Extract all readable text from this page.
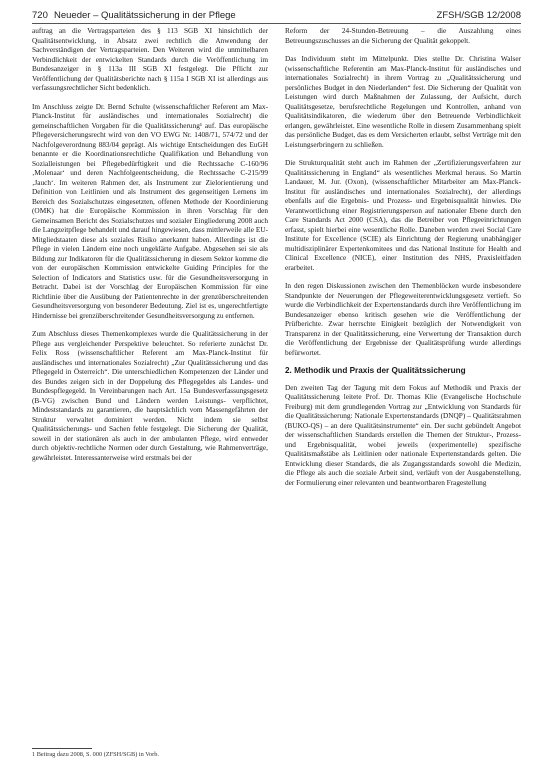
720 Neueder – Qualitätssicherung in der Pflege	ZFSH/SGB 12/2008

auftrag an die Vertragsparteien des § 113 SGB XI hinsichtlich der Qualitätsentwicklung, in Absatz zwei rechtlich die Anwendung der Sachverständigen der Vertragsparteien. Den Weiteren wird die unmittelbaren Verbindlichkeit der entwickelten Standards durch die Veröffentlichung im Bundesanzeiger in § 113a III SGB XI festgelegt. Die Pflicht zur Veröffentlichung der Qualitätsberichte nach § 115a I SGB XI ist allerdings aus verfassungsrechtlicher Sicht bedenklich.

Im Anschluss zeigte Dr. Bernd Schulte (wissenschaftlicher Referent am Max-Planck-Institut für ausländisches und internationales Sozialrecht) die gemeinschaftlichen Vorgaben für die Qualitätssicherung¹ auf. Das europäische Pflegeversicherungsrecht wird von den VO EWG Nr. 1408/71, 574/72 und der Nachfolgeverordnung 883/04 geprägt. Als wichtige Entscheidungen des EuGH benannte er die Koordinationsrechtliche Qualifikation und Behandlung von Sozialleistungen bei Pflegebedürftigkeit und die Rechtssache C-160/96 ‚Molenaar‘ und deren Nachfolgeentscheidung, die Rechtssache C-215/99 ‚Jauch‘. Im weiteren Rahmen der, als Instrument zur Zielorientierung und Definition von Leitlinien und als Instrument des gegenseitigen Lernens im Bereich des Sozialschutzes eingesetzten, offenen Methode der Koordinierung (OMK) hat die Europäische Kommission in ihren Vorschlag für den Gemeinsamen Bericht des Sozialschutzes und sozialer Eingliederung 2008 auch die Langzeitpflege behandelt und darauf hingewiesen, dass mittlerweile alle EU-Mitgliedstaaten diese als soziales Risiko anerkannt haben. Allerdings ist die Pflege in vielen Ländern eine noch ungeklärte Aufgabe. Abgesehen sei sie als Bildung zur Indikatoren für die Qualitätssicherung in diesem Sektor komme die von der europäischen Kommission entwickelte Guiding Principles for the Selection of Indicators and Statistics usw. für die Gesundheitsversorgung in Betracht. Dabei ist der Vorschlag der Europäischen Kommission für eine Richtlinie über die Ausübung der Patientenrechte in der grenzüberschreitenden Gesundheitsversorgung von besonderer Bedeutung. Ziel ist es, ungerechtfertigte Hindernisse bei grenzüberschreitender Gesundheitsversorgung zu entfernen.

Zum Abschluss dieses Themenkomplexes wurde die Qualitätssicherung in der Pflege aus vergleichender Perspektive beleuchtet. So referierte zunächst Dr. Felix Ross (wissenschaftlicher Referent am Max-Planck-Institut für ausländisches und internationales Sozialrecht) „Zur Qualitätssicherung und das Pflegegeld in Österreich“. Die unterschiedlichen Kompetenzen der Länder und des Bundes zeigen sich in der Doppelung des Pflegegeldes als Landes- und Bundespflegegeld. In Vereinbarungen nach Art. 15a Bundesverfassungsgesetz (B-VG) zwischen Bund und Ländern werden Leistungs- verpflichtet, Mindeststandards zu garantieren, die hauptsächlich vom Massengefährten der Struktur verwaltet dominiert werden. Nicht indem sie selbst Qualitätssicherungs- und Sachen fehle festgelegt. Die Sicherung der Qualität, soweil in der stationären als auch in der ambulanten Pflege, wird entweder durch objektiv-rechtliche Normen oder durch Gestaltung, wie Rahmenverträge, gewährleistet. Interessanterweise wird erstmals bei der

Reform der 24-Stunden-Betreuung – die Auszahlung eines Betreuungszuschusses an die Sicherung der Qualität gekoppelt.

Das Individuum steht im Mittelpunkt. Dies stellte Dr. Christina Walser (wissenschaftliche Referentin am Max-Planck-Institut für ausländisches und internationales Sozialrecht) in ihrem Vortrag zu „Qualitätssicherung und persönliches Budget in den Niederlanden“ fest. Die Sicherung der Qualität von Leistungen wird durch Maßnahmen der Zulassung, der Aufsicht, durch Qualitätsgesetze, berufsrechtliche Regelungen und Kontrollen, anhand von Qualitätsindikatoren, die wiederum über den Betreuende Verbindlichkeit erlangen, gewährleistet. Eine wesentliche Rolle in diesem Zusammenhang spielt das persönliche Budget, das es dem Versicherten erlaubt, selbst Verträge mit den Leistungserbringern zu schließen.

Die Strukturqualität steht auch im Rahmen der „Zertifizierungsverfahren zur Qualitätssicherung in England“ als wesentliches Merkmal heraus. So Martin Landauer, M. Jur. (Oxon), (wissenschaftlicher Mitarbeiter am Max-Planck-Institut für ausländisches und internationales Sozialrecht), der allerdings ebenfalls auf die Ergebnis- und Prozess- und Ergebnisqualität hinwies. Die Verantwortlichung einer Registrierungsperson auf nationaler Ebene durch den Care Standards Act 2000 (CSA), das die Betreiber von Pflegeeinrichtungen erfasst, spielt hierbei eine wesentliche Rolle. Daneben werden zwei Social Care Institute for Excellence (SCIE) als Einrichtung der Regierung unabhängiger multidisziplinärer Expertenkomitees und das National Institute for Health and Clinical Excellence (NICE), einer Institution des NHS, Praxisleitfaden erarbeitet.

In den regen Diskussionen zwischen den Themenblöcken wurde insbesondere Standpunkte der Neuerungen der Pflegeweiterentwicklungsgesetz vertieft. So wurde die Verbindlichkeit der Expertenstandards durch ihre Veröffentlichung im Bundesanzeiger ebenso kritisch gesehen wie die Veröffentlichung der Prüfberichte. Zwar herrschte Einigkeit bezüglich der Notwendigkeit von Transparenz in der Qualitätssicherung, eine Verwertung der Transaktion durch die Veröffentlichung der Ergebnisse der Qualitätsprüfung wurde allerdings befürwortet.

2. Methodik und Praxis der Qualitätssicherung

Den zweiten Tag der Tagung mit dem Fokus auf Methodik und Praxis der Qualitätssicherung leitete Prof. Dr. Thomas Klie (Evangelische Hochschule Freiburg) mit dem grundlegenden Vortrag zur „Entwicklung von Standards für die Qualitätssicherung: Nationale Expertenstandards (DNQP) – Qualitätsrahmen (BUKO-QS) – an dere Qualitätsinstrumente“ ein. Der sucht gebündelt Angebot der wissenschaftlichen Standards erstellen die Themen der Struktur-, Prozess- und Ergebnisqualität, wobei jeweils (experimentelle) spezifische Qualitätsmaßstäbe als Leitlinien oder nationale Expertenstandards gelten. Die Entwicklung dieser Standards, die als Zugangsstandards sowohl die Medizin, die Pflege als auch die soziale Arbeit sind, verläuft von der Ausgabenstellung, der Formulierung einer relevanten und beantwortbaren Fragestellung

1 Beitrag dazu 2008, S. 000 (ZFSH/SGB) in Vorb.
